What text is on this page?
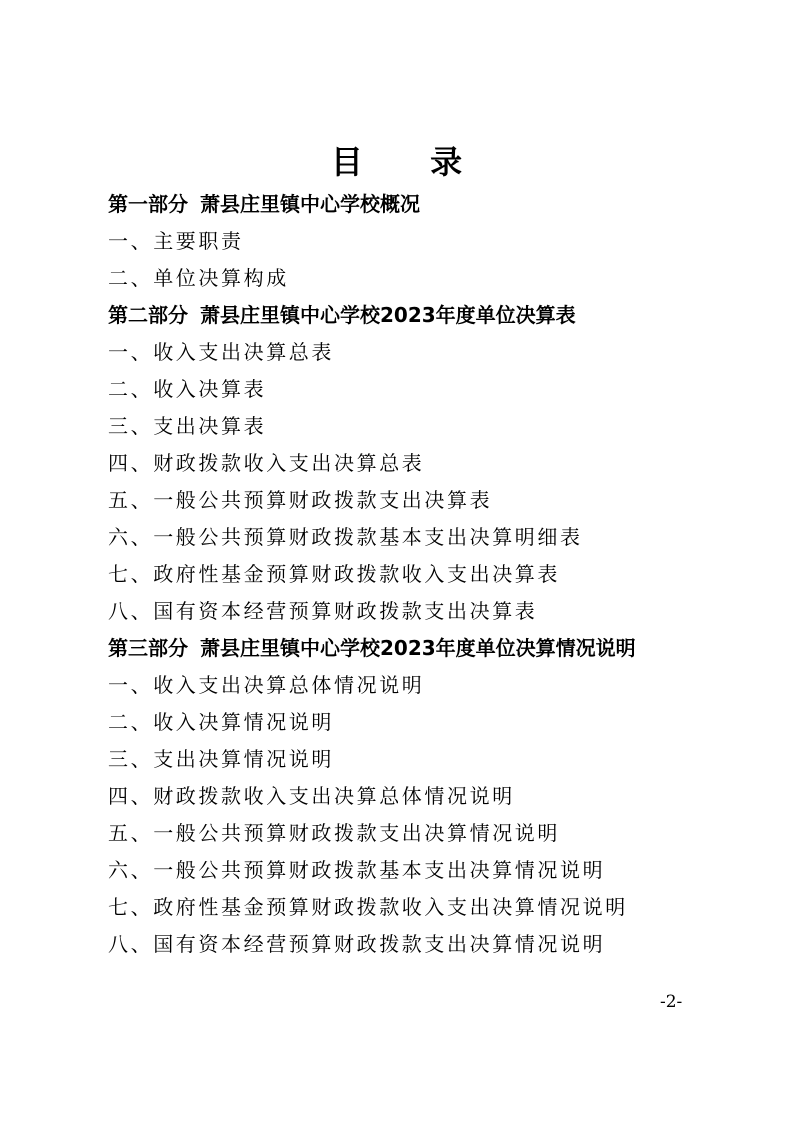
目 录
第一部分 萧县庄里镇中心学校概况
一、主要职责
二、单位决算构成
第二部分 萧县庄里镇中心学校2023年度单位决算表
一、收入支出决算总表
二、收入决算表
三、支出决算表
四、财政拨款收入支出决算总表
五、一般公共预算财政拨款支出决算表
六、一般公共预算财政拨款基本支出决算明细表
七、政府性基金预算财政拨款收入支出决算表
八、国有资本经营预算财政拨款支出决算表
第三部分 萧县庄里镇中心学校2023年度单位决算情况说明
一、收入支出决算总体情况说明
二、收入决算情况说明
三、支出决算情况说明
四、财政拨款收入支出决算总体情况说明
五、一般公共预算财政拨款支出决算情况说明
六、一般公共预算财政拨款基本支出决算情况说明
七、政府性基金预算财政拨款收入支出决算情况说明
八、国有资本经营预算财政拨款支出决算情况说明
-2-
